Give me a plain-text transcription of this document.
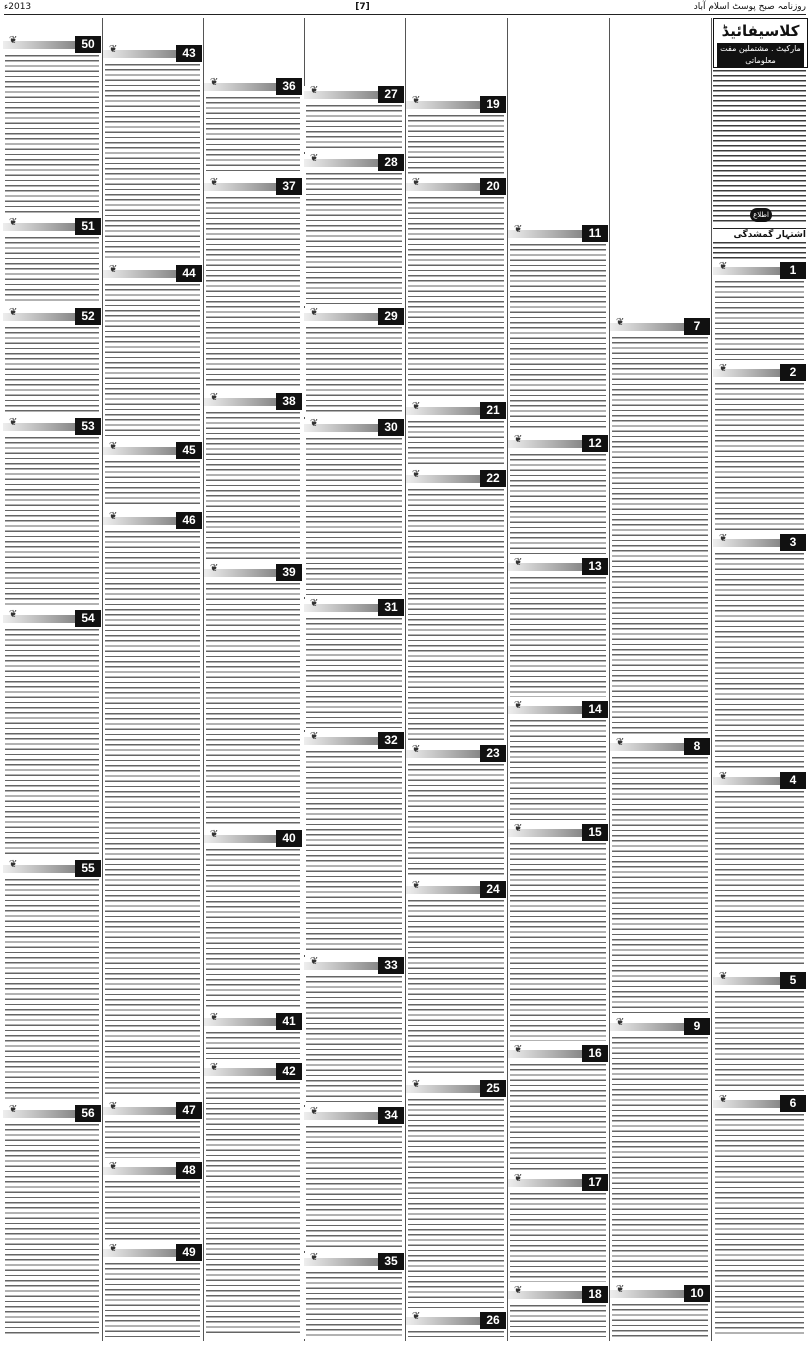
روزنامہ صبح پوسٹ اسلام آباد
[7]
2013ء
کلاسیفائیڈ
مارکیٹ . مشتملین مفت معلوماتی
اطلاع
اشتہار گمشدگی
1
❦
2
❦
3
❦
4
❦
5
❦
6
❦
7
❦
8
❦
9
❦
10
❦
11
❦
12
❦
13
❦
14
❦
15
❦
16
❦
17
❦
18
❦
19
❦
20
❦
21
❦
22
❦
23
❦
24
❦
25
❦
26
❦
27
❦
28
❦
29
❦
30
❦
31
❦
32
❦
33
❦
34
❦
35
❦
36
❦
37
❦
38
❦
39
❦
40
❦
41
❦
42
❦
43
❦
44
❦
45
❦
46
❦
47
❦
48
❦
49
❦
50
❦
51
❦
52
❦
53
❦
54
❦
55
❦
56
❦
